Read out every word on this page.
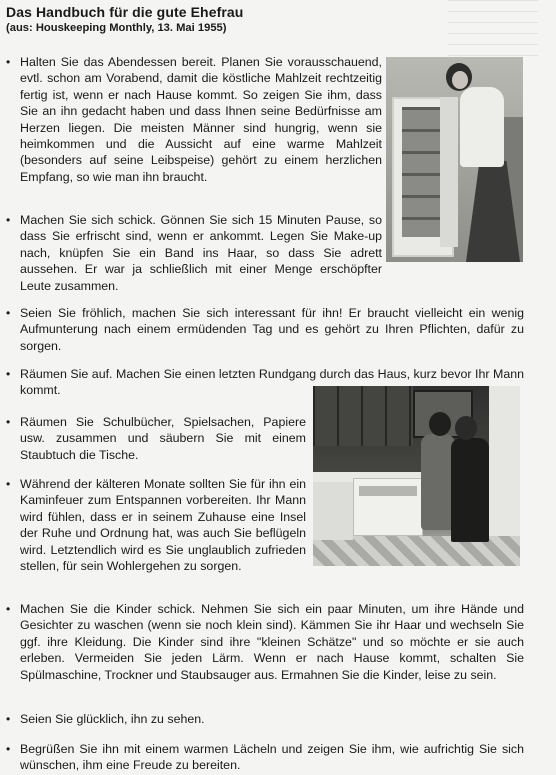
Das Handbuch für die gute Ehefrau

(aus: Houskeeping Monthly, 13. Mai 1955)

• Halten Sie das Abendessen bereit. Planen Sie vorausschauend, evtl. schon am Vorabend, damit die köstliche Mahlzeit rechtzeitig fertig ist, wenn er nach Hause kommt. So zeigen Sie ihm, dass Sie an ihn gedacht haben und dass Ihnen seine Bedürfnisse am Herzen liegen. Die meisten Männer sind hungrig, wenn sie heimkommen und die Aussicht auf eine warme Mahlzeit (besonders auf seine Leibspeise) gehört zu einem herzlichen Empfang, so wie man ihn braucht.

• Machen Sie sich schick. Gönnen Sie sich 15 Minuten Pause, so dass Sie erfrischt sind, wenn er ankommt. Legen Sie Make-up nach, knüpfen Sie ein Band ins Haar, so dass Sie adrett aussehen. Er war ja schließlich mit einer Menge erschöpfter Leute zusammen.

• Seien Sie fröhlich, machen Sie sich interessant für ihn! Er braucht vielleicht ein wenig Aufmunterung nach einem ermüdenden Tag und es gehört zu Ihren Pflichten, dafür zu sorgen.

• Räumen Sie auf. Machen Sie einen letzten Rundgang durch das Haus, kurz bevor Ihr Mann kommt.

• Räumen Sie Schulbücher, Spielsachen, Papiere usw. zusammen und säubern Sie mit einem Staubtuch die Tische.

• Während der kälteren Monate sollten Sie für ihn ein Kaminfeuer zum Entspannen vorbereiten. Ihr Mann wird fühlen, dass er in seinem Zuhause eine Insel der Ruhe und Ordnung hat, was auch Sie beflügeln wird. Letztendlich wird es Sie unglaublich zufrieden stellen, für sein Wohlergehen zu sorgen.

• Machen Sie die Kinder schick. Nehmen Sie sich ein paar Minuten, um ihre Hände und Gesichter zu waschen (wenn sie noch klein sind). Kämmen Sie ihr Haar und wechseln Sie ggf. ihre Kleidung. Die Kinder sind ihre "kleinen Schätze" und so möchte er sie auch erleben. Vermeiden Sie jeden Lärm. Wenn er nach Hause kommt, schalten Sie Spülmaschine, Trockner und Staubsauger aus. Ermahnen Sie die Kinder, leise zu sein.

• Seien Sie glücklich, ihn zu sehen.

• Begrüßen Sie ihn mit einem warmen Lächeln und zeigen Sie ihm, wie aufrichtig Sie sich wünschen, ihm eine Freude zu bereiten.
